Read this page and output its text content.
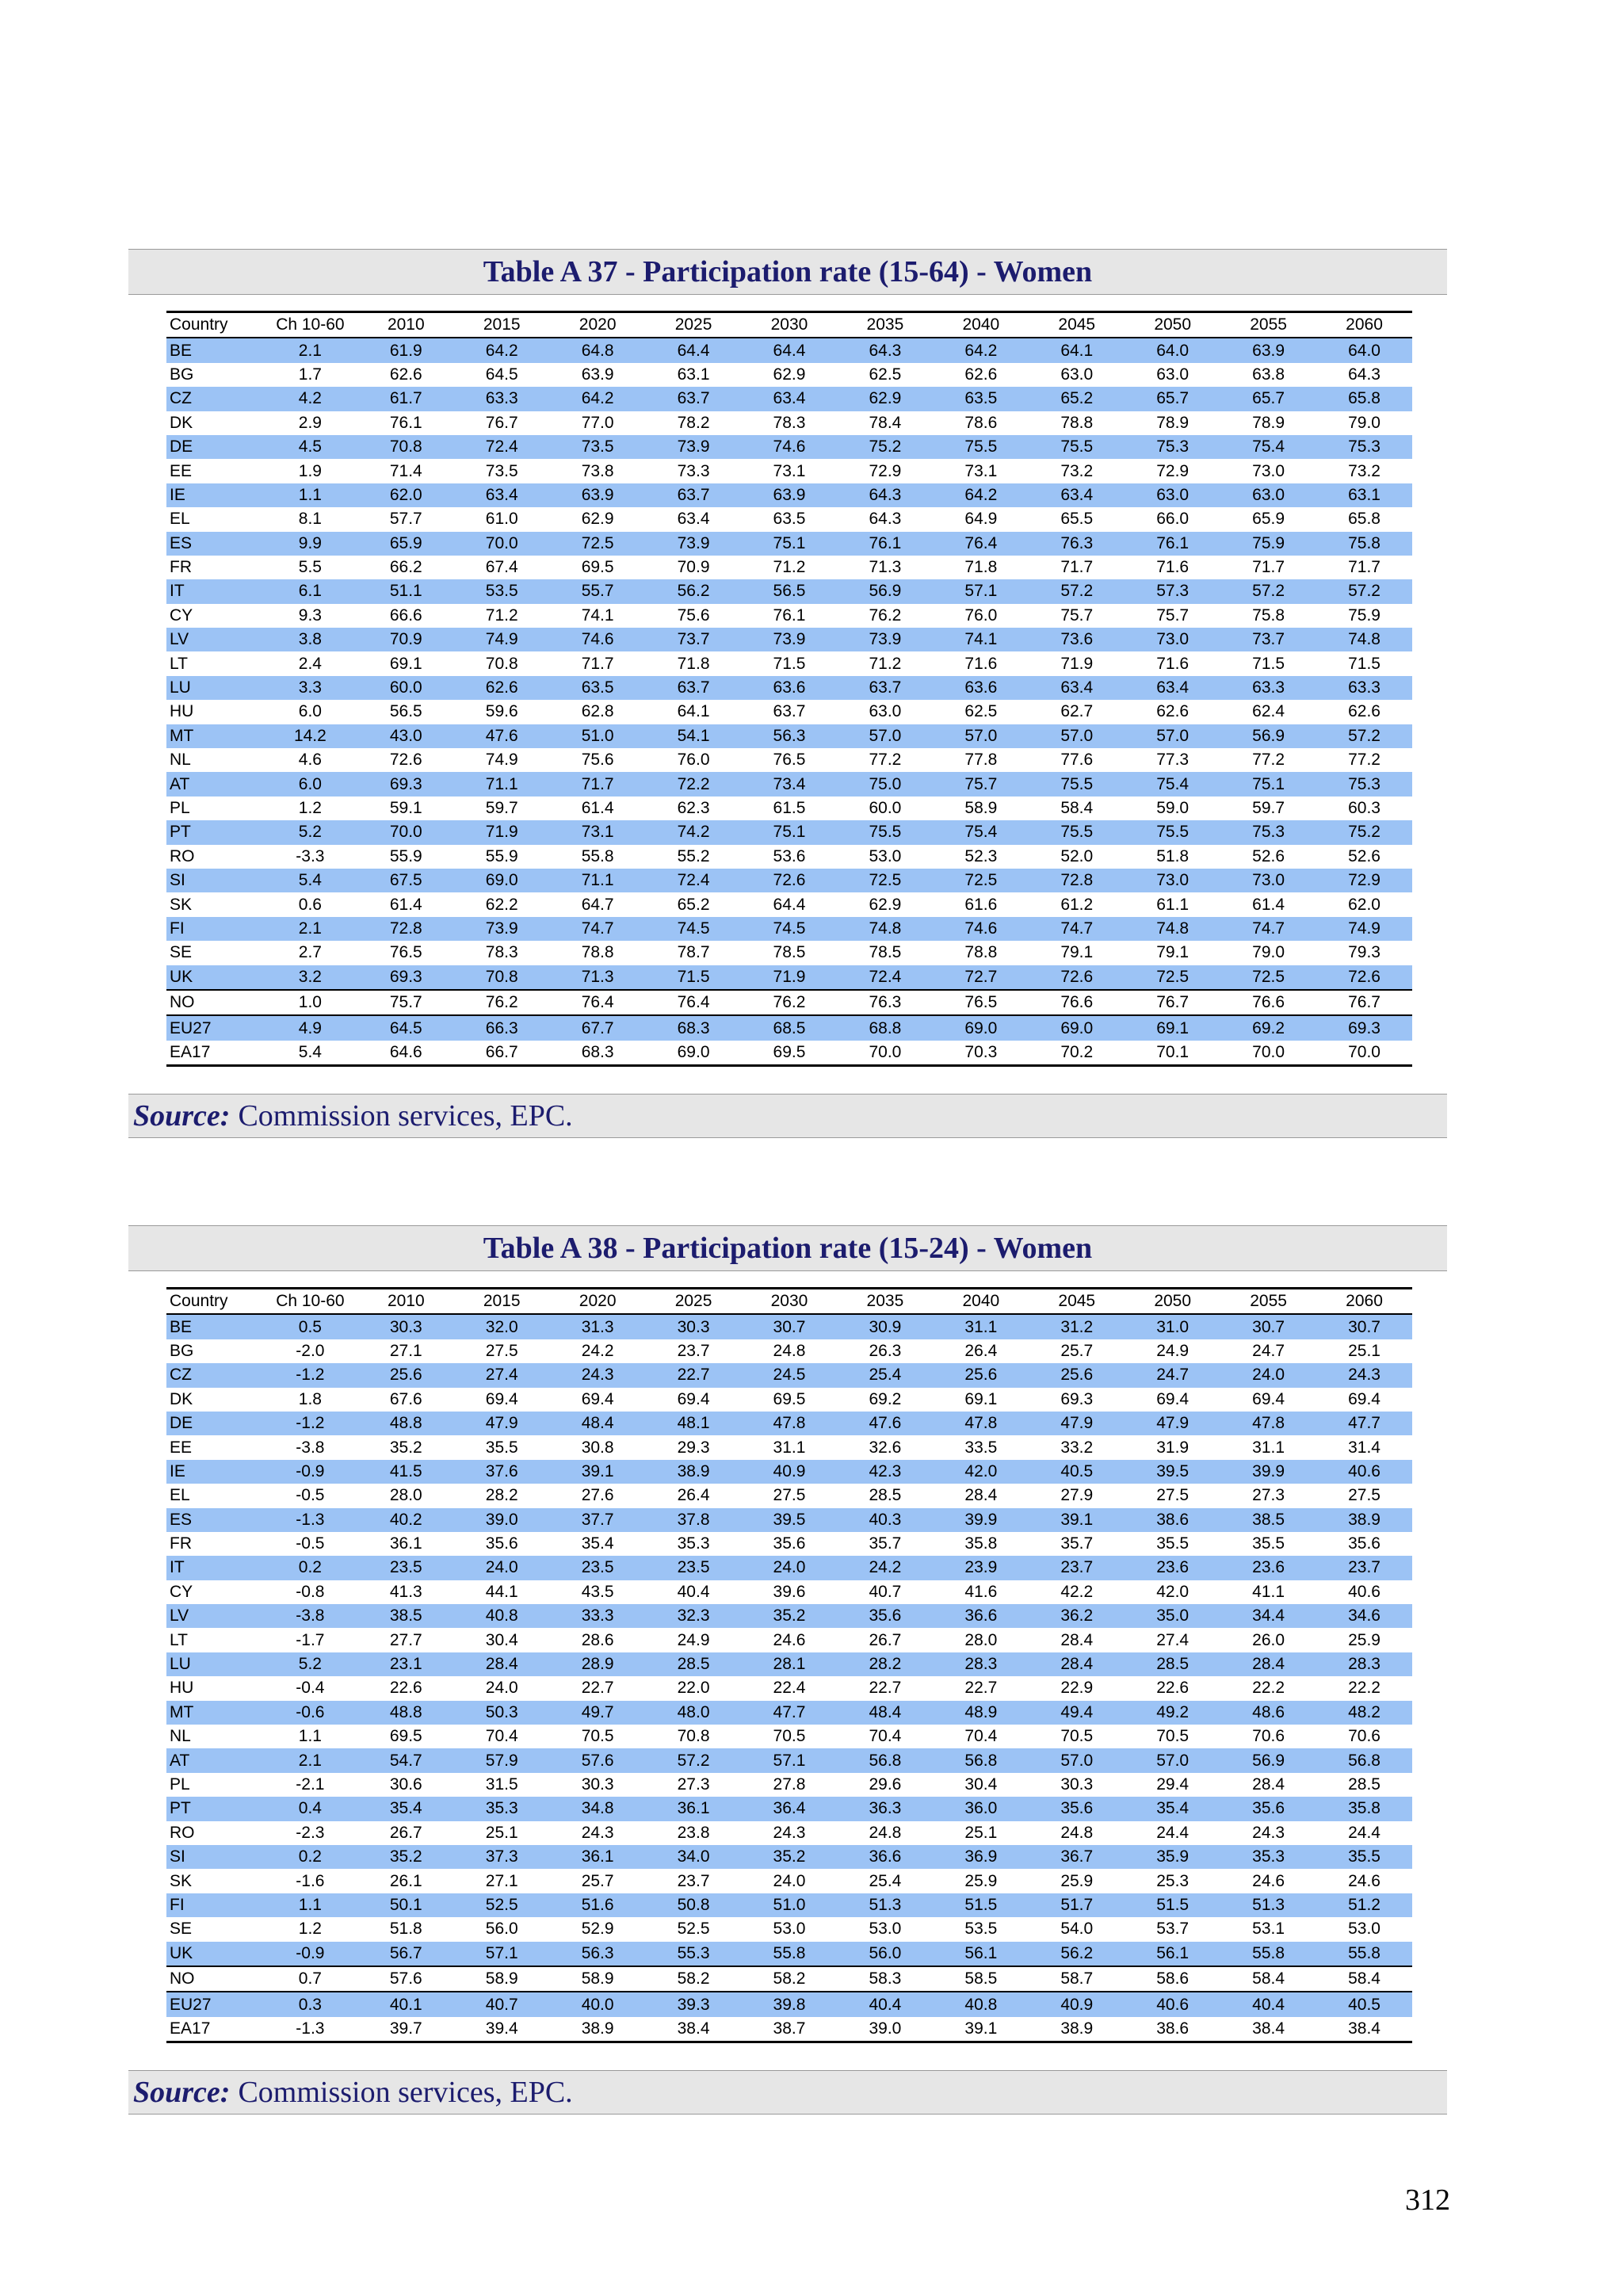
Table A 37 - Participation rate (15-64) - Women
Country	Ch 10-60	2010	2015	2020	2025	2030	2035	2040	2045	2050	2055	2060
BE	2.1	61.9	64.2	64.8	64.4	64.4	64.3	64.2	64.1	64.0	63.9	64.0
BG	1.7	62.6	64.5	63.9	63.1	62.9	62.5	62.6	63.0	63.0	63.8	64.3
CZ	4.2	61.7	63.3	64.2	63.7	63.4	62.9	63.5	65.2	65.7	65.7	65.8
DK	2.9	76.1	76.7	77.0	78.2	78.3	78.4	78.6	78.8	78.9	78.9	79.0
DE	4.5	70.8	72.4	73.5	73.9	74.6	75.2	75.5	75.5	75.3	75.4	75.3
EE	1.9	71.4	73.5	73.8	73.3	73.1	72.9	73.1	73.2	72.9	73.0	73.2
IE	1.1	62.0	63.4	63.9	63.7	63.9	64.3	64.2	63.4	63.0	63.0	63.1
EL	8.1	57.7	61.0	62.9	63.4	63.5	64.3	64.9	65.5	66.0	65.9	65.8
ES	9.9	65.9	70.0	72.5	73.9	75.1	76.1	76.4	76.3	76.1	75.9	75.8
FR	5.5	66.2	67.4	69.5	70.9	71.2	71.3	71.8	71.7	71.6	71.7	71.7
IT	6.1	51.1	53.5	55.7	56.2	56.5	56.9	57.1	57.2	57.3	57.2	57.2
CY	9.3	66.6	71.2	74.1	75.6	76.1	76.2	76.0	75.7	75.7	75.8	75.9
LV	3.8	70.9	74.9	74.6	73.7	73.9	73.9	74.1	73.6	73.0	73.7	74.8
LT	2.4	69.1	70.8	71.7	71.8	71.5	71.2	71.6	71.9	71.6	71.5	71.5
LU	3.3	60.0	62.6	63.5	63.7	63.6	63.7	63.6	63.4	63.4	63.3	63.3
HU	6.0	56.5	59.6	62.8	64.1	63.7	63.0	62.5	62.7	62.6	62.4	62.6
MT	14.2	43.0	47.6	51.0	54.1	56.3	57.0	57.0	57.0	57.0	56.9	57.2
NL	4.6	72.6	74.9	75.6	76.0	76.5	77.2	77.8	77.6	77.3	77.2	77.2
AT	6.0	69.3	71.1	71.7	72.2	73.4	75.0	75.7	75.5	75.4	75.1	75.3
PL	1.2	59.1	59.7	61.4	62.3	61.5	60.0	58.9	58.4	59.0	59.7	60.3
PT	5.2	70.0	71.9	73.1	74.2	75.1	75.5	75.4	75.5	75.5	75.3	75.2
RO	-3.3	55.9	55.9	55.8	55.2	53.6	53.0	52.3	52.0	51.8	52.6	52.6
SI	5.4	67.5	69.0	71.1	72.4	72.6	72.5	72.5	72.8	73.0	73.0	72.9
SK	0.6	61.4	62.2	64.7	65.2	64.4	62.9	61.6	61.2	61.1	61.4	62.0
FI	2.1	72.8	73.9	74.7	74.5	74.5	74.8	74.6	74.7	74.8	74.7	74.9
SE	2.7	76.5	78.3	78.8	78.7	78.5	78.5	78.8	79.1	79.1	79.0	79.3
UK	3.2	69.3	70.8	71.3	71.5	71.9	72.4	72.7	72.6	72.5	72.5	72.6
NO	1.0	75.7	76.2	76.4	76.4	76.2	76.3	76.5	76.6	76.7	76.6	76.7
EU27	4.9	64.5	66.3	67.7	68.3	68.5	68.8	69.0	69.0	69.1	69.2	69.3
EA17	5.4	64.6	66.7	68.3	69.0	69.5	70.0	70.3	70.2	70.1	70.0	70.0
Source: Commission services, EPC.
Table A 38 - Participation rate (15-24) - Women
Country	Ch 10-60	2010	2015	2020	2025	2030	2035	2040	2045	2050	2055	2060
BE	0.5	30.3	32.0	31.3	30.3	30.7	30.9	31.1	31.2	31.0	30.7	30.7
BG	-2.0	27.1	27.5	24.2	23.7	24.8	26.3	26.4	25.7	24.9	24.7	25.1
CZ	-1.2	25.6	27.4	24.3	22.7	24.5	25.4	25.6	25.6	24.7	24.0	24.3
DK	1.8	67.6	69.4	69.4	69.4	69.5	69.2	69.1	69.3	69.4	69.4	69.4
DE	-1.2	48.8	47.9	48.4	48.1	47.8	47.6	47.8	47.9	47.9	47.8	47.7
EE	-3.8	35.2	35.5	30.8	29.3	31.1	32.6	33.5	33.2	31.9	31.1	31.4
IE	-0.9	41.5	37.6	39.1	38.9	40.9	42.3	42.0	40.5	39.5	39.9	40.6
EL	-0.5	28.0	28.2	27.6	26.4	27.5	28.5	28.4	27.9	27.5	27.3	27.5
ES	-1.3	40.2	39.0	37.7	37.8	39.5	40.3	39.9	39.1	38.6	38.5	38.9
FR	-0.5	36.1	35.6	35.4	35.3	35.6	35.7	35.8	35.7	35.5	35.5	35.6
IT	0.2	23.5	24.0	23.5	23.5	24.0	24.2	23.9	23.7	23.6	23.6	23.7
CY	-0.8	41.3	44.1	43.5	40.4	39.6	40.7	41.6	42.2	42.0	41.1	40.6
LV	-3.8	38.5	40.8	33.3	32.3	35.2	35.6	36.6	36.2	35.0	34.4	34.6
LT	-1.7	27.7	30.4	28.6	24.9	24.6	26.7	28.0	28.4	27.4	26.0	25.9
LU	5.2	23.1	28.4	28.9	28.5	28.1	28.2	28.3	28.4	28.5	28.4	28.3
HU	-0.4	22.6	24.0	22.7	22.0	22.4	22.7	22.7	22.9	22.6	22.2	22.2
MT	-0.6	48.8	50.3	49.7	48.0	47.7	48.4	48.9	49.4	49.2	48.6	48.2
NL	1.1	69.5	70.4	70.5	70.8	70.5	70.4	70.4	70.5	70.5	70.6	70.6
AT	2.1	54.7	57.9	57.6	57.2	57.1	56.8	56.8	57.0	57.0	56.9	56.8
PL	-2.1	30.6	31.5	30.3	27.3	27.8	29.6	30.4	30.3	29.4	28.4	28.5
PT	0.4	35.4	35.3	34.8	36.1	36.4	36.3	36.0	35.6	35.4	35.6	35.8
RO	-2.3	26.7	25.1	24.3	23.8	24.3	24.8	25.1	24.8	24.4	24.3	24.4
SI	0.2	35.2	37.3	36.1	34.0	35.2	36.6	36.9	36.7	35.9	35.3	35.5
SK	-1.6	26.1	27.1	25.7	23.7	24.0	25.4	25.9	25.9	25.3	24.6	24.6
FI	1.1	50.1	52.5	51.6	50.8	51.0	51.3	51.5	51.7	51.5	51.3	51.2
SE	1.2	51.8	56.0	52.9	52.5	53.0	53.0	53.5	54.0	53.7	53.1	53.0
UK	-0.9	56.7	57.1	56.3	55.3	55.8	56.0	56.1	56.2	56.1	55.8	55.8
NO	0.7	57.6	58.9	58.9	58.2	58.2	58.3	58.5	58.7	58.6	58.4	58.4
EU27	0.3	40.1	40.7	40.0	39.3	39.8	40.4	40.8	40.9	40.6	40.4	40.5
EA17	-1.3	39.7	39.4	38.9	38.4	38.7	39.0	39.1	38.9	38.6	38.4	38.4
Source: Commission services, EPC.
312
